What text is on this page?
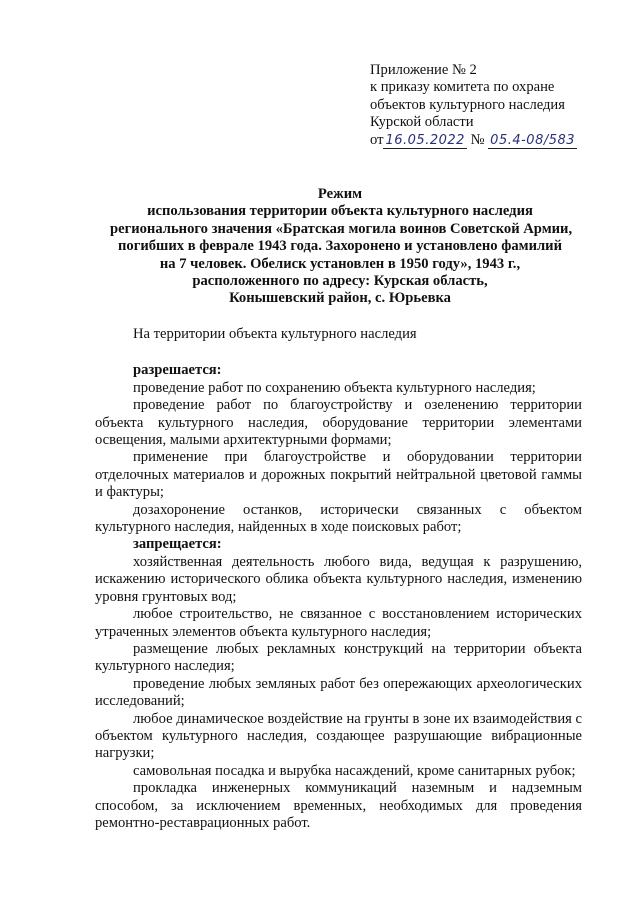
Приложение № 2
к приказу комитета по охране
объектов культурного наследия
Курской области
от 16.05.2022 № 05.4-08/583
Режим
использования территории объекта культурного наследия
регионального значения «Братская могила воинов Советской Армии,
погибших в феврале 1943 года. Захоронено и установлено фамилий
на 7 человек. Обелиск установлен в 1950 году», 1943 г.,
расположенного по адресу: Курская область,
Конышевский район, с. Юрьевка
На территории объекта культурного наследия
разрешается:

проведение работ по сохранению объекта культурного наследия;

проведение работ по благоустройству и озеленению территории объекта культурного наследия, оборудование территории элементами освещения, малыми архитектурными формами;

применение при благоустройстве и оборудовании территории отделочных материалов и дорожных покрытий нейтральной цветовой гаммы и фактуры;

дозахоронение останков, исторически связанных с объектом культурного наследия, найденных в ходе поисковых работ;

запрещается:

хозяйственная деятельность любого вида, ведущая к разрушению, искажению исторического облика объекта культурного наследия, изменению уровня грунтовых вод;

любое строительство, не связанное с восстановлением исторических утраченных элементов объекта культурного наследия;

размещение любых рекламных конструкций на территории объекта культурного наследия;

проведение любых земляных работ без опережающих археологических исследований;

любое динамическое воздействие на грунты в зоне их взаимодействия с объектом культурного наследия, создающее разрушающие вибрационные нагрузки;

самовольная посадка и вырубка насаждений, кроме санитарных рубок;

прокладка инженерных коммуникаций наземным и надземным способом, за исключением временных, необходимых для проведения ремонтно-реставрационных работ.
